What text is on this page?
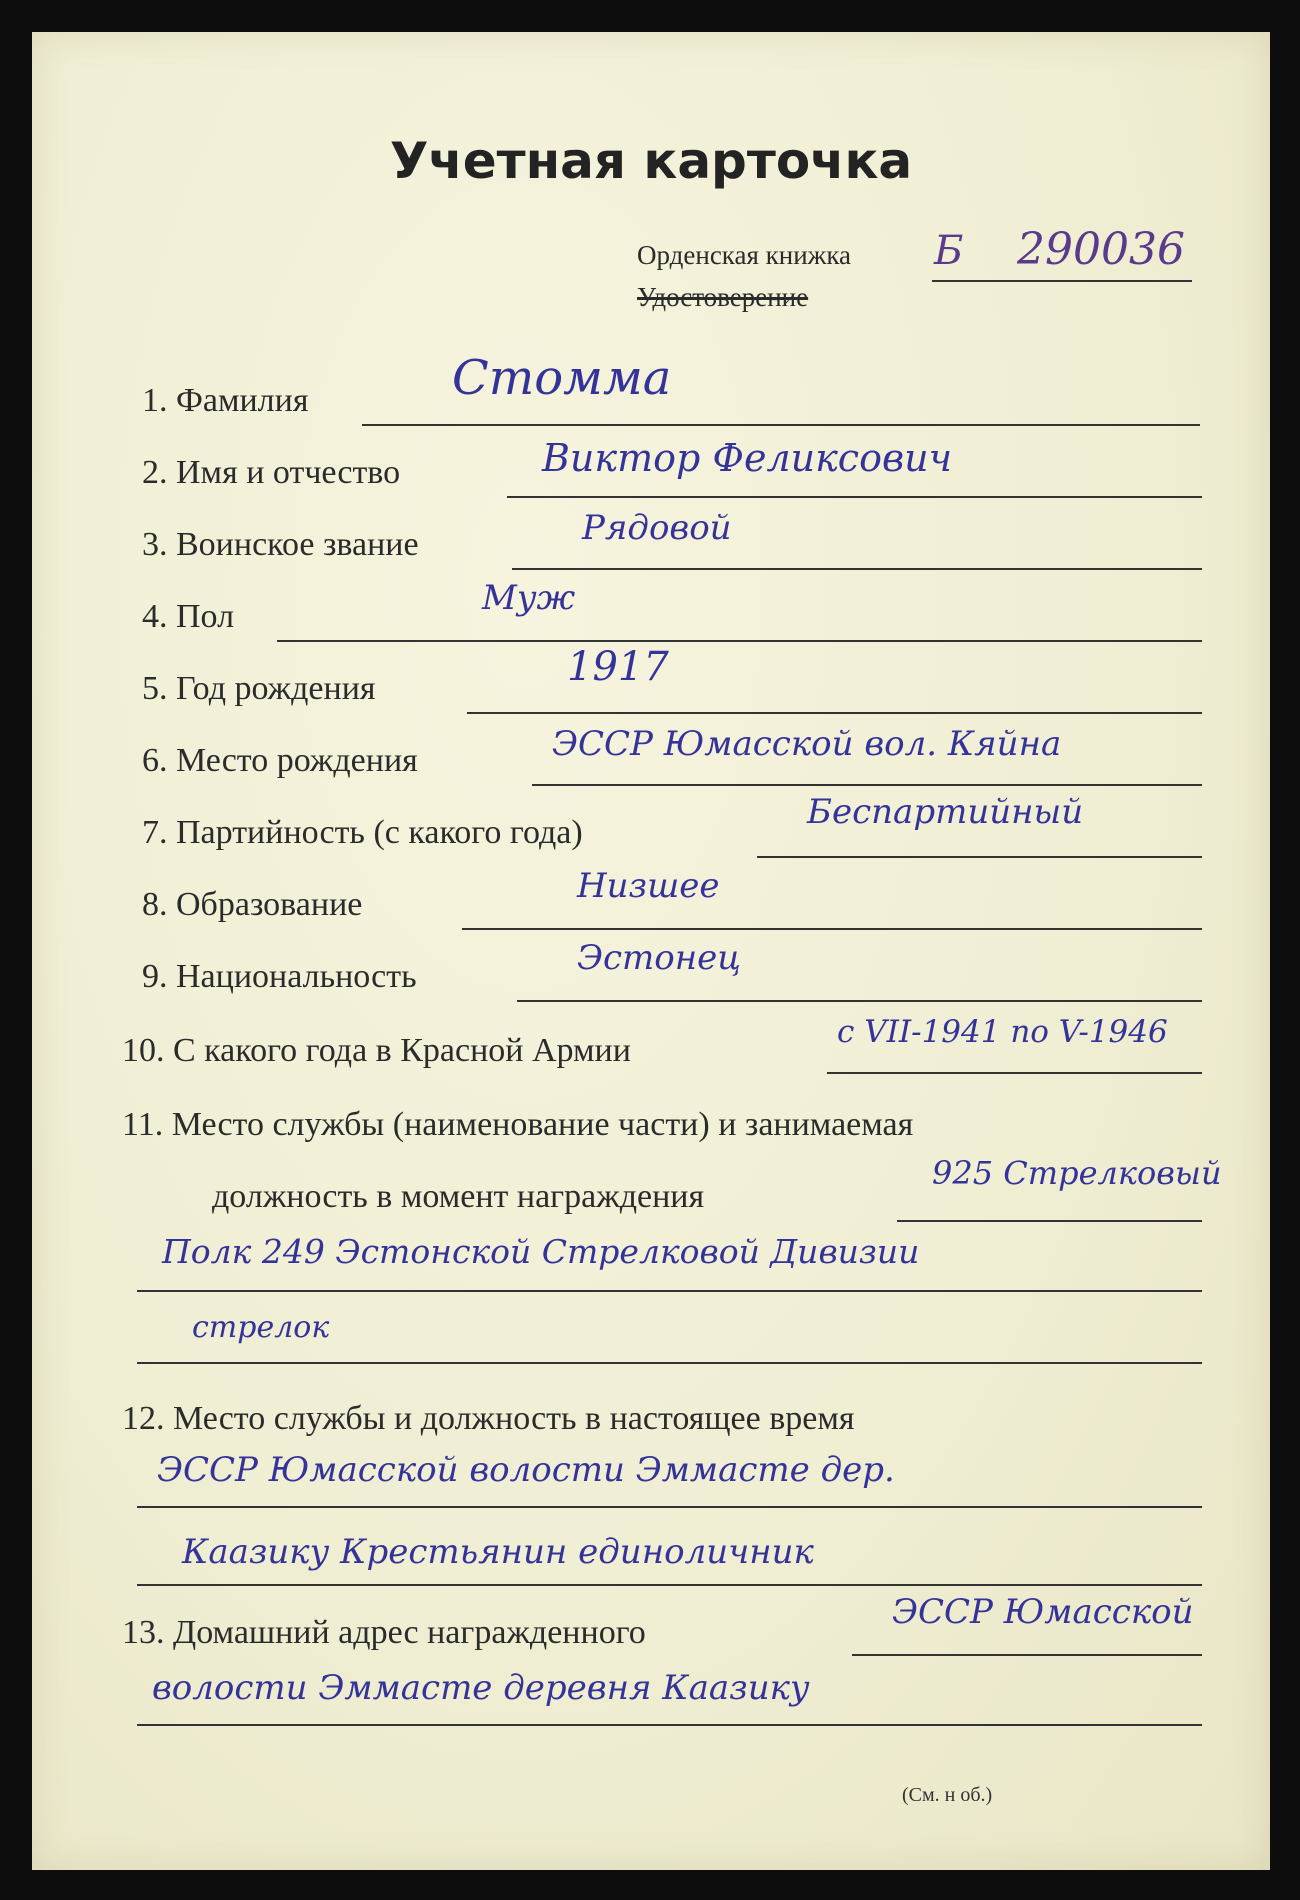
Учетная карточка
Орденская книжка Б 290036
Удостоверение
1. Фамилия	Стомма
2. Имя и отчество	Виктор Феликсович
3. Воинское звание	Рядовой
4. Пол	Муж
5. Год рождения	1917
6. Место рождения	ЭССР Юмасской вол. Кяйна
7. Партийность (с какого года)
Беспартийный
8. Образование	Низшее
9. Национальность	Эстонец
10. С какого года в Красной Армии	с VII-1941 по V-1946
11. Место службы (наименование части) и занимаемая
должность в момент награждения
925 Стрелковый
Полк 249 Эстонской Стрелковой Дивизии
стрелок
12. Место службы и должность в настоящее время
ЭССР Юмасской волости Эммасте дер.
Каазику Крестьянин единоличник
13. Домашний адрес награжденного
ЭССР Юмасской
волости Эммасте деревня Каазику
(См. н об.)
